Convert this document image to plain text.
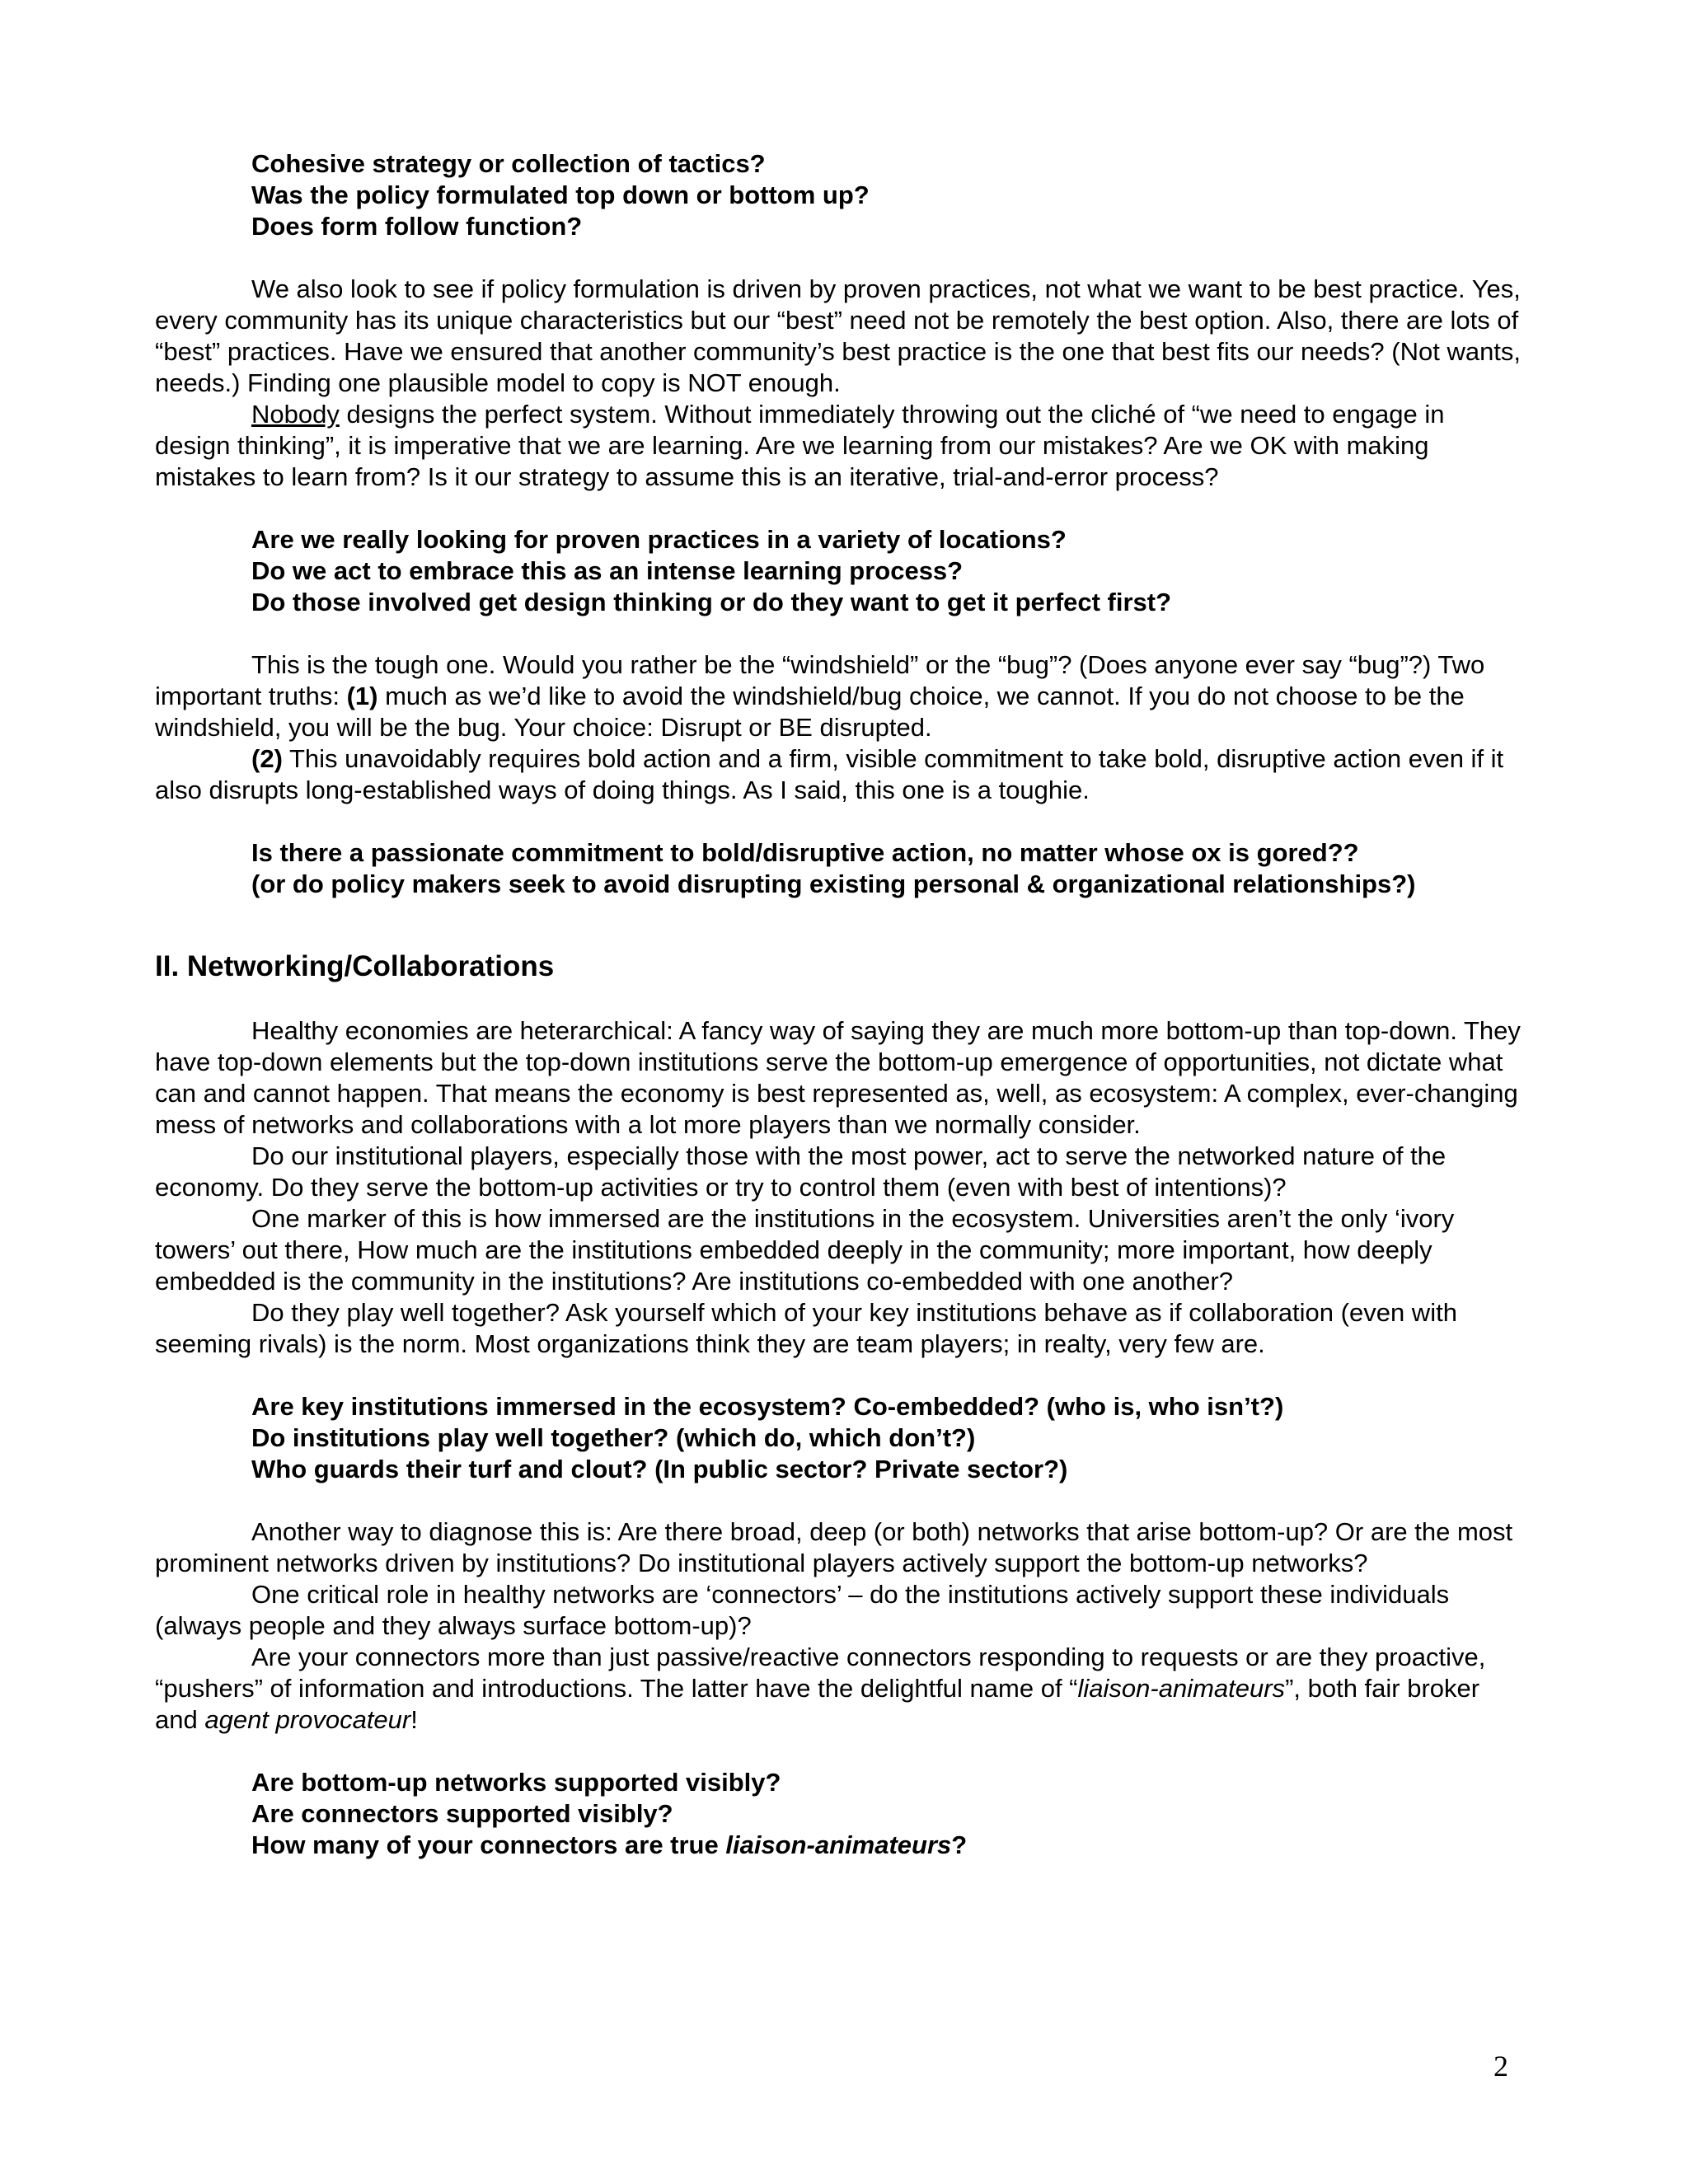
Cohesive strategy or collection of tactics?

Was the policy formulated top down or bottom up?

Does form follow function?

We also look to see if policy formulation is driven by proven practices, not what we want to be best practice. Yes, every community has its unique characteristics but our “best” need not be remotely the best option. Also, there are lots of “best” practices. Have we ensured that another community’s best practice is the one that best fits our needs? (Not wants, needs.) Finding one plausible model to copy is NOT enough.

Nobody designs the perfect system. Without immediately throwing out the cliché of “we need to engage in design thinking”, it is imperative that we are learning. Are we learning from our mistakes? Are we OK with making mistakes to learn from? Is it our strategy to assume this is an iterative, trial-and-error process?

Are we really looking for proven practices in a variety of locations?

Do we act to embrace this as an intense learning process?

Do those involved get design thinking or do they want to get it perfect first?

This is the tough one. Would you rather be the “windshield” or the “bug”? (Does anyone ever say “bug”?) Two important truths: (1) much as we’d like to avoid the windshield/bug choice, we cannot. If you do not choose to be the windshield, you will be the bug. Your choice: Disrupt or BE disrupted.

(2) This unavoidably requires bold action and a firm, visible commitment to take bold, disruptive action even if it also disrupts long-established ways of doing things. As I said, this one is a toughie.

Is there a passionate commitment to bold/disruptive action, no matter whose ox is gored??

(or do policy makers seek to avoid disrupting existing personal & organizational relationships?)

II. Networking/Collaborations

Healthy economies are heterarchical: A fancy way of saying they are much more bottom-up than top-down. They have top-down elements but the top-down institutions serve the bottom-up emergence of opportunities, not dictate what can and cannot happen. That means the economy is best represented as, well, as ecosystem: A complex, ever-changing mess of networks and collaborations with a lot more players than we normally consider.

Do our institutional players, especially those with the most power, act to serve the networked nature of the economy. Do they serve the bottom-up activities or try to control them (even with best of intentions)?

One marker of this is how immersed are the institutions in the ecosystem. Universities aren’t the only ‘ivory towers’ out there, How much are the institutions embedded deeply in the community; more important, how deeply embedded is the community in the institutions? Are institutions co-embedded with one another?

Do they play well together? Ask yourself which of your key institutions behave as if collaboration (even with seeming rivals) is the norm. Most organizations think they are team players; in realty, very few are.

Are key institutions immersed in the ecosystem? Co-embedded? (who is, who isn’t?)

Do institutions play well together? (which do, which don’t?)

Who guards their turf and clout? (In public sector? Private sector?)

Another way to diagnose this is: Are there broad, deep (or both) networks that arise bottom-up? Or are the most prominent networks driven by institutions? Do institutional players actively support the bottom-up networks?

One critical role in healthy networks are ‘connectors’ – do the institutions actively support these individuals (always people and they always surface bottom-up)?

Are your connectors more than just passive/reactive connectors responding to requests or are they proactive, “pushers” of information and introductions. The latter have the delightful name of “liaison-animateurs”, both fair broker and agent provocateur!

Are bottom-up networks supported visibly?

Are connectors supported visibly?

How many of your connectors are true liaison-animateurs?

2
